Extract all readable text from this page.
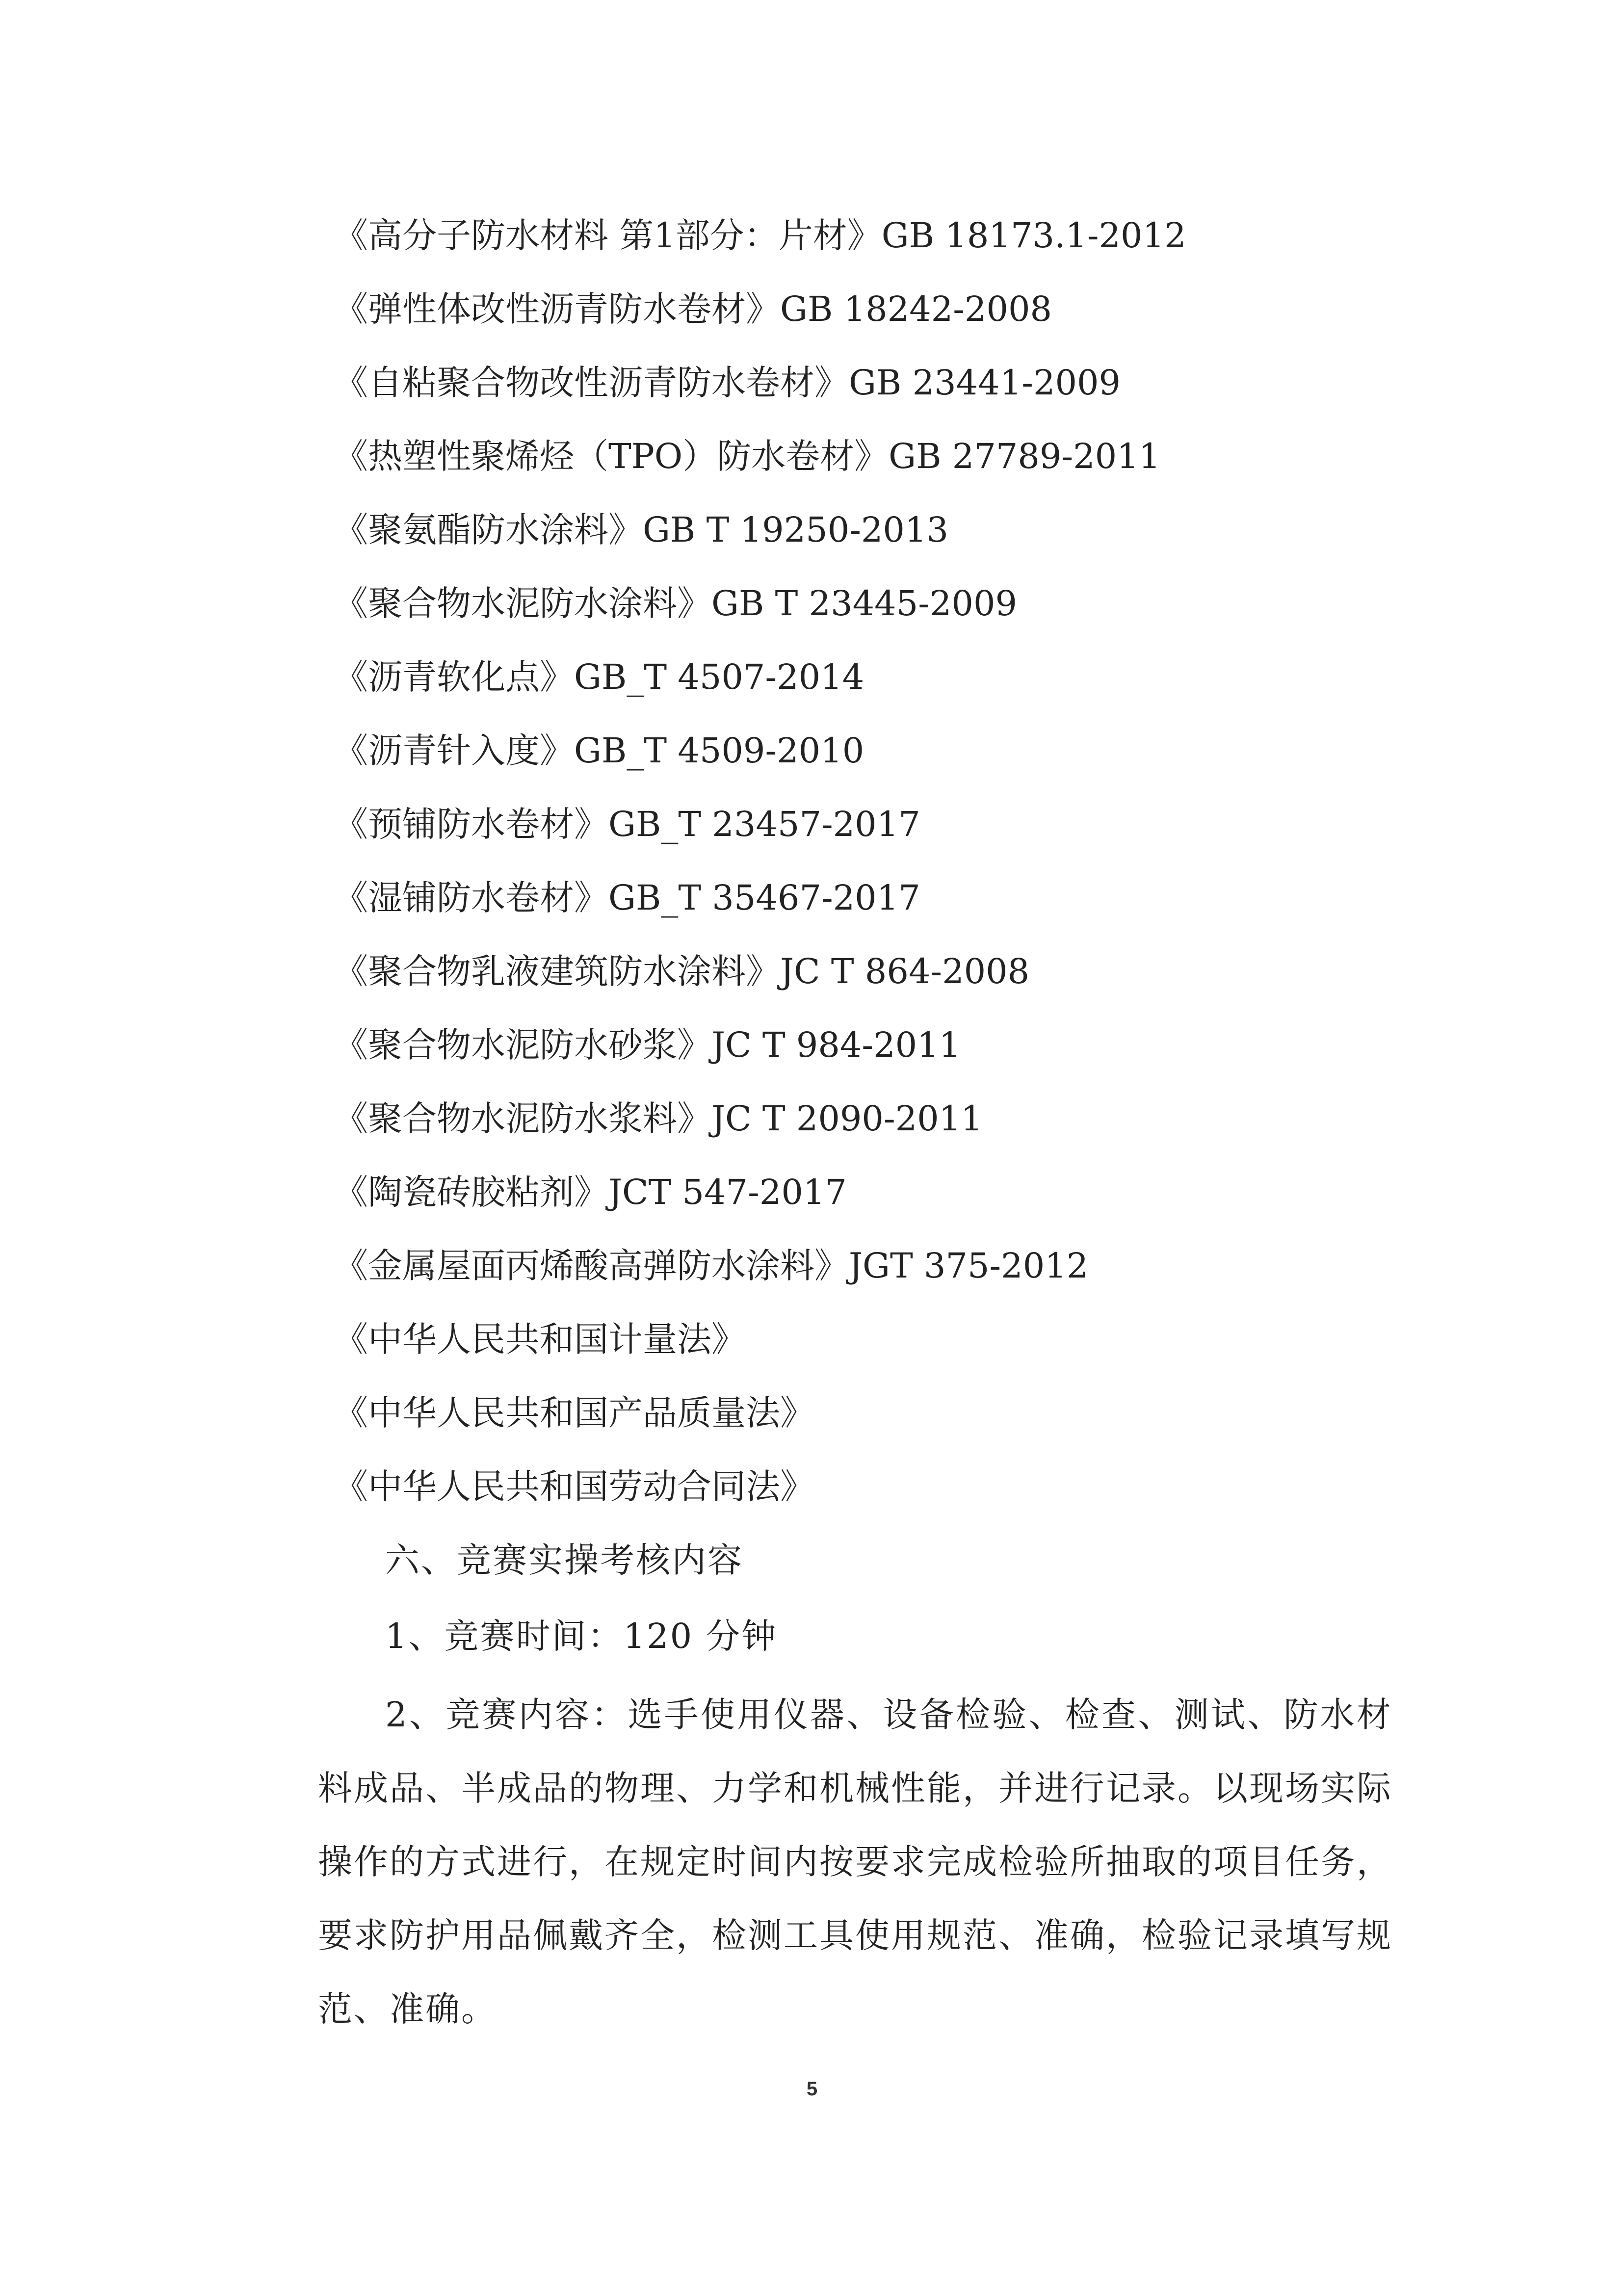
《高分子防水材料 第1部分：片材》GB 18173.1-2012
《弹性体改性沥青防水卷材》GB 18242-2008
《自粘聚合物改性沥青防水卷材》GB 23441-2009
《热塑性聚烯烃（TPO）防水卷材》GB 27789-2011
《聚氨酯防水涂料》GB T 19250-2013
《聚合物水泥防水涂料》GB T 23445-2009
《沥青软化点》GB_T 4507-2014
《沥青针入度》GB_T 4509-2010
《预铺防水卷材》GB_T 23457-2017
《湿铺防水卷材》GB_T 35467-2017
《聚合物乳液建筑防水涂料》JC T 864-2008
《聚合物水泥防水砂浆》JC T 984-2011
《聚合物水泥防水浆料》JC T 2090-2011
《陶瓷砖胶粘剂》JCT 547-2017
《金属屋面丙烯酸高弹防水涂料》JGT 375-2012
《中华人民共和国计量法》
《中华人民共和国产品质量法》
《中华人民共和国劳动合同法》
六、竞赛实操考核内容
1、竞赛时间：120 分钟
2、竞赛内容：选手使用仪器、设备检验、检查、测试、防水材料成品、半成品的物理、力学和机械性能，并进行记录。以现场实际操作的方式进行，在规定时间内按要求完成检验所抽取的项目任务，要求防护用品佩戴齐全，检测工具使用规范、准确，检验记录填写规范、准确。
5
